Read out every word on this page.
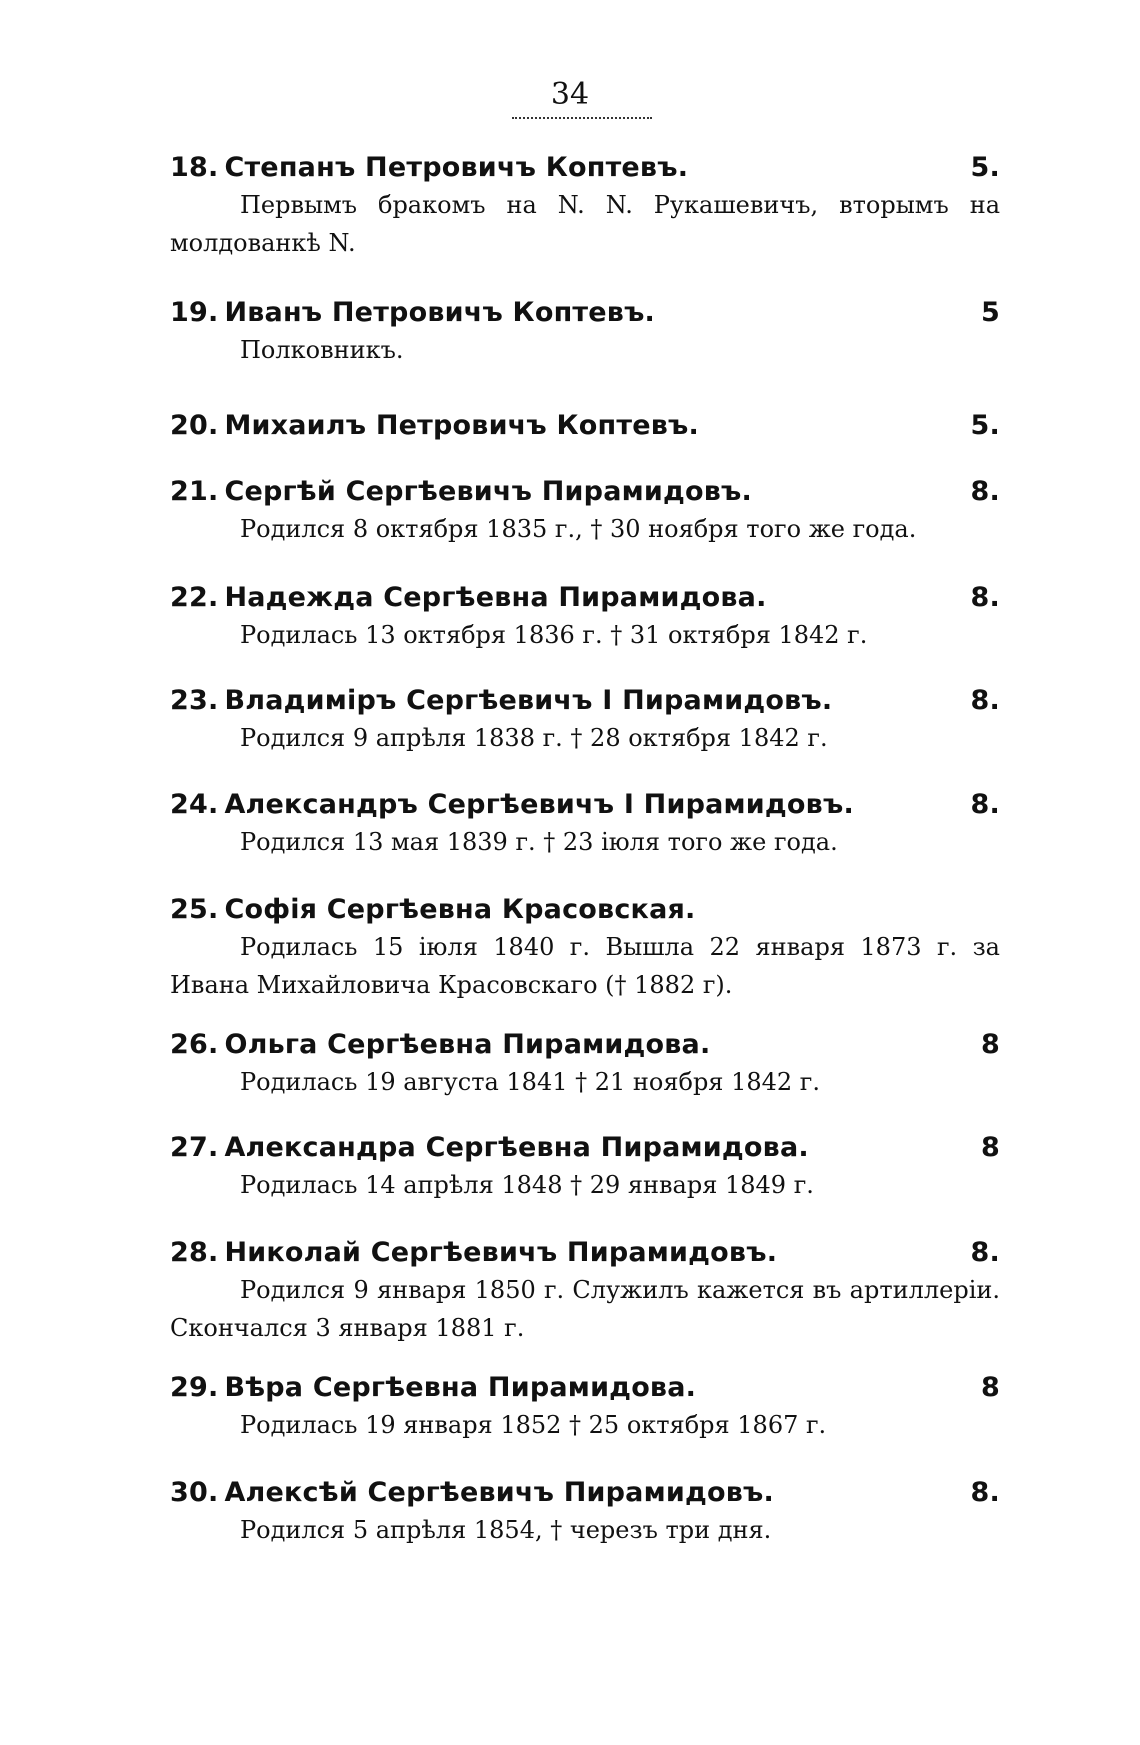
34
18. Степанъ Петровичъ Коптевъ.	5.
Первымъ бракомъ на N. N. Рукашевичъ, вторымъ на молдованкѣ N.
19. Иванъ Петровичъ Коптевъ.	5
Полковникъ.
20. Михаилъ Петровичъ Коптевъ.	5.
21. Сергѣй Сергѣевичъ Пирамидовъ.	8.
Родился 8 октября 1835 г., † 30 ноября того же года.
22. Надежда Сергѣевна Пирамидова.	8.
Родилась 13 октября 1836 г. † 31 октября 1842 г.
23. Владиміръ Сергѣевичъ I Пирамидовъ.	8.
Родился 9 апрѣля 1838 г. † 28 октября 1842 г.
24. Александръ Сергѣевичъ I Пирамидовъ.	8.
Родился 13 мая 1839 г. † 23 іюля того же года.
25. Софія Сергѣевна Красовская.
Родилась 15 іюля 1840 г. Вышла 22 января 1873 г. за Ивана Михайловича Красовскаго († 1882 г).
26. Ольга Сергѣевна Пирамидова.	8
Родилась 19 августа 1841 † 21 ноября 1842 г.
27. Александра Сергѣевна Пирамидова.	8
Родилась 14 апрѣля 1848 † 29 января 1849 г.
28. Николай Сергѣевичъ Пирамидовъ.	8.
Родился 9 января 1850 г. Служилъ кажется въ артиллеріи. Скончался 3 января 1881 г.
29. Вѣра Сергѣевна Пирамидова.	8
Родилась 19 января 1852 † 25 октября 1867 г.
30. Алексѣй Сергѣевичъ Пирамидовъ.	8.
Родился 5 апрѣля 1854, † черезъ три дня.
